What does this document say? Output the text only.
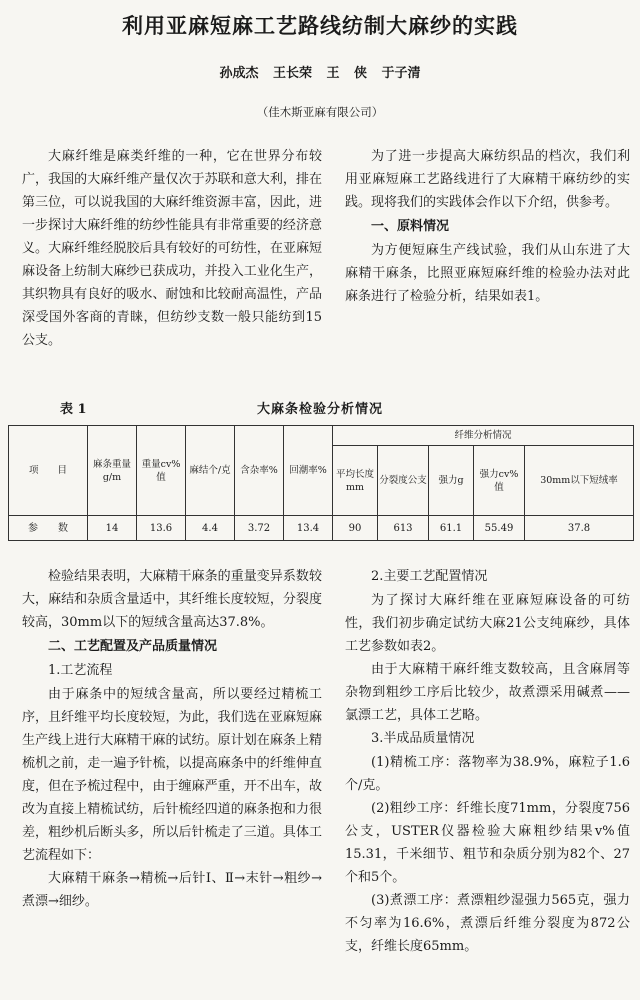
利用亚麻短麻工艺路线纺制大麻纱的实践
孙成杰 王长荣 王 侠 于子清
（佳木斯亚麻有限公司）

大麻纤维是麻类纤维的一种，它在世界分布较广，我国的大麻纤维产量仅次于苏联和意大利，排在第三位，可以说我国的大麻纤维资源丰富，因此，进一步探讨大麻纤维的纺纱性能具有非常重要的经济意义。大麻纤维经脱胶后具有较好的可纺性，在亚麻短麻设备上纺制大麻纱已获成功，并投入工业化生产，其织物具有良好的吸水、耐蚀和比较耐高温性，产品深受国外客商的青睐，但纺纱支数一般只能纺到15公支。

为了进一步提高大麻纺织品的档次，我们利用亚麻短麻工艺路线进行了大麻精干麻纺纱的实践。现将我们的实践体会作以下介绍，供参考。

一、原料情况

为方便短麻生产线试验，我们从山东进了大麻精干麻条，比照亚麻短麻纤维的检验办法对此麻条进行了检验分析，结果如表1。

表 1	大麻条检验分析情况
项　　目	麻条重量g/m	重量cv%值	麻结个/克	含杂率%	回潮率%	纤维分析情况				
						平均长度mm	分裂度公支	强力g	强力cv%值	30mm以下短绒率
参　　数	14	13.6	4.4	3.72	13.4	90	613	61.1	55.49	37.8

检验结果表明，大麻精干麻条的重量变异系数较大，麻结和杂质含量适中，其纤维长度较短，分裂度较高，30mm以下的短绒含量高达37.8%。

二、工艺配置及产品质量情况
1.工艺流程

由于麻条中的短绒含量高，所以要经过精梳工序，且纤维平均长度较短，为此，我们选在亚麻短麻生产线上进行大麻精干麻的试纺。原计划在麻条上精梳机之前，走一遍予针梳，以提高麻条中的纤维伸直度，但在予梳过程中，由于缠麻严重，开不出车，故改为直接上精梳试纺，后针梳经四道的麻条抱和力很差，粗纱机后断头多，所以后针梳走了三道。具体工艺流程如下：

大麻精干麻条→精梳→后针Ⅰ、Ⅱ→末针→粗纱→煮漂→细纱。

2.主要工艺配置情况

为了探讨大麻纤维在亚麻短麻设备的可纺性，我们初步确定试纺大麻21公支纯麻纱，具体工艺参数如表2。

由于大麻精干麻纤维支数较高，且含麻屑等杂物到粗纱工序后比较少，故煮漂采用碱煮——氯漂工艺，具体工艺略。

3.半成品质量情况

(1)精梳工序：落物率为38.9%，麻粒子1.6个/克。

(2)粗纱工序：纤维长度71mm，分裂度756公支，USTER仪器检验大麻粗纱结果v%值15.31，千米细节、粗节和杂质分别为82个、27个和5个。

(3)煮漂工序：煮漂粗纱湿强力565克，强力不匀率为16.6%，煮漂后纤维分裂度为872公支，纤维长度65mm。
